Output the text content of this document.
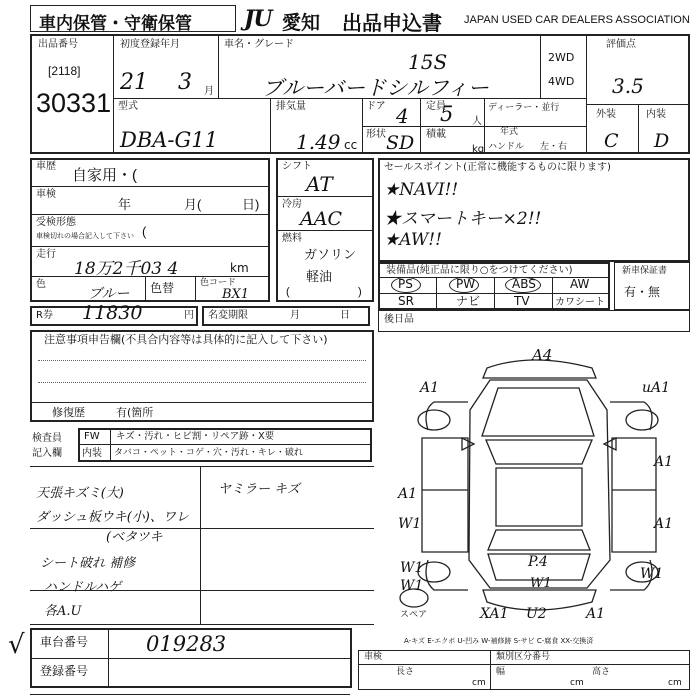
車内保管・守衛保管 JU 愛知 出品申込書 JAPAN USED CAR DEALERS ASSOCIATION
出品番号
[2118]
30331
初度登録年月
21 3 月
車名・グレード
15S
ブルーバードシルフィー
2WD
4WD
評価点
3.5
型式
DBA-G11
排気量
1.49 cc
ドア 4 定員
5 人
形状 SD 積載
kg
ディーラー・並行
年式
ハンドル 左・右
外装	内装
C D
車歴
自家用・(
車検
年	月(	日)
受検形態
車検切れの場合記入して下さい (
走行
18万2千03 4	km
色
ブルー 色替	色コード
BX1
シフト
AT
冷房
AAC
燃料
ガソリン
軽油
(	)
セールスポイント(正常に機能するものに限ります)
★NAVI!!
★スマートキー×2!!
★AW!!
装備品(純正品に限り○をつけてください)
PS	PW	ABS	AW
SR	ナビ	TV	カワシート
新車保証書
有・無
R券 11830	円 名変期限	月	日	後日品
注意事項申告欄(不具合内容等は具体的に記入して下さい)
修復歴	有(箇所
検査員
記入欄
FW キズ・汚れ・ヒビ割・リペア跡・X要
内装 タバコ・ペット・コゲ・穴・汚れ・キレ・破れ
天張キズミ(大)
ダッシュ板ウキ(小)、ワレ
(ベタツキ
シート破れ 補修
ハンドルハゲ
各A.U
ヤミラー キズ
A4
A1	uA1
A1
A1
A1
W1
W1
W1
P.4
W1
XA1 U2	A1
W1
スペア
A-キズ E-エクボ U-凹み W-補修跡 S-サビ C-腐食 XX-交換済
√ 車台番号	019283
登録番号
車検	類別区分番号
長さ
cm
幅
cm
高さ
cm
